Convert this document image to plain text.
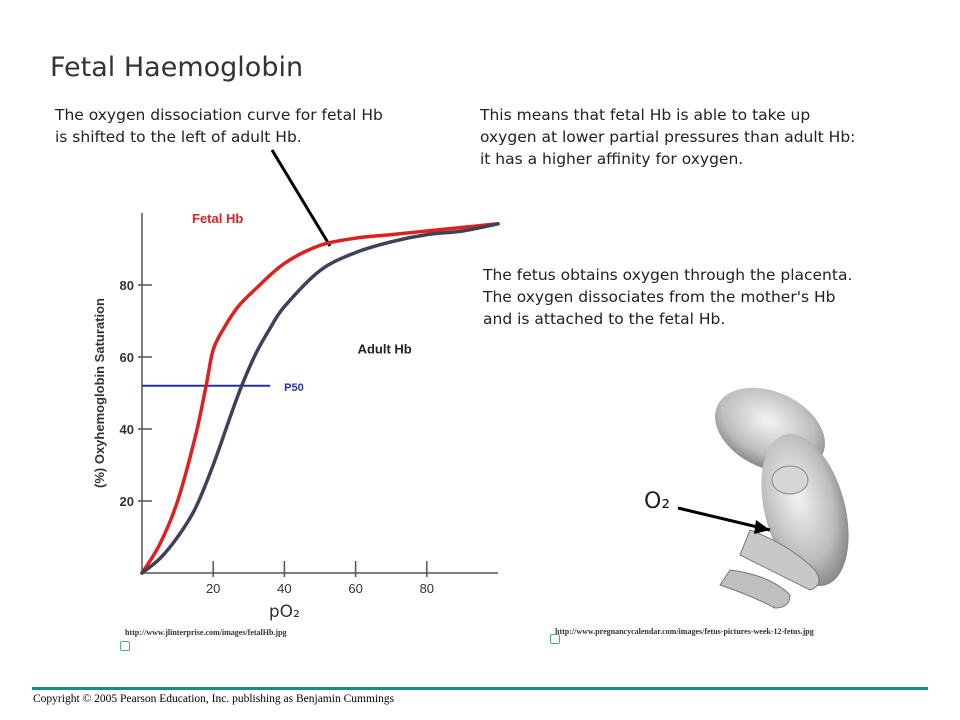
Fetal Haemoglobin
The oxygen dissociation curve for fetal Hb
is shifted to the left of adult Hb.
This means that fetal Hb is able to take up
oxygen at lower partial pressures than adult Hb:
it has a higher affinity for oxygen.
The fetus obtains oxygen through the placenta.
The oxygen dissociates from the mother's Hb
and is attached to the fetal Hb.
20
40
60
80
20	40	60	80
P50
Fetal Hb
Adult Hb
(%) Oxyhemoglobin Saturation
pO₂
O₂
http://www.jlinterprise.com/images/fetalHb.jpg	http://www.pregnancycalendar.com/images/fetus-pictures-week-12-fetus.jpg
Copyright © 2005 Pearson Education, Inc. publishing as Benjamin Cummings
